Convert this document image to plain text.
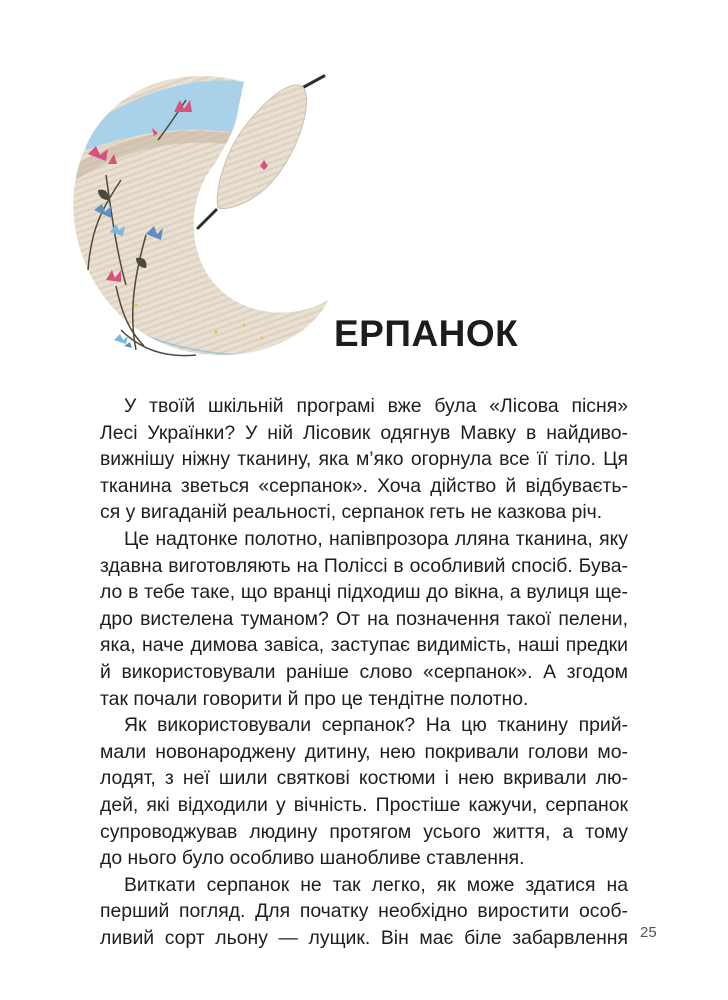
ЕРПАНОК

У твоїй шкільній програмі вже була «Лісова пісня»
Лесі Українки? У ній Лісовик одягнув Мавку в найдиво-
вижнішу ніжну тканину, яка м’яко огорнула все її тіло. Ця
тканина зветься «серпанок». Хоча дійство й відбуваєть-
ся у вигаданій реальності, серпанок геть не казкова річ.

Це надтонке полотно, напівпрозора лляна тканина, яку
здавна виготовляють на Поліссі в особливий спосіб. Бува-
ло в тебе таке, що вранці підходиш до вікна, а вулиця ще-
дро вистелена туманом? От на позначення такої пелени,
яка, наче димова завіса, заступає видимість, наші предки
й використовували раніше слово «серпанок». А згодом
так почали говорити й про це тендітне полотно.

Як використовували серпанок? На цю тканину прий-
мали новонароджену дитину, нею покривали голови мо-
лодят, з неї шили святкові костюми і нею вкривали лю-
дей, які відходили у вічність. Простіше кажучи, серпанок
супроводжував людину протягом усього життя, а тому
до нього було особливо шанобливе ставлення.

Виткати серпанок не так легко, як може здатися на
перший погляд. Для початку необхідно виростити особ-
ливий сорт льону — лущик. Він має біле забарвлення 25
